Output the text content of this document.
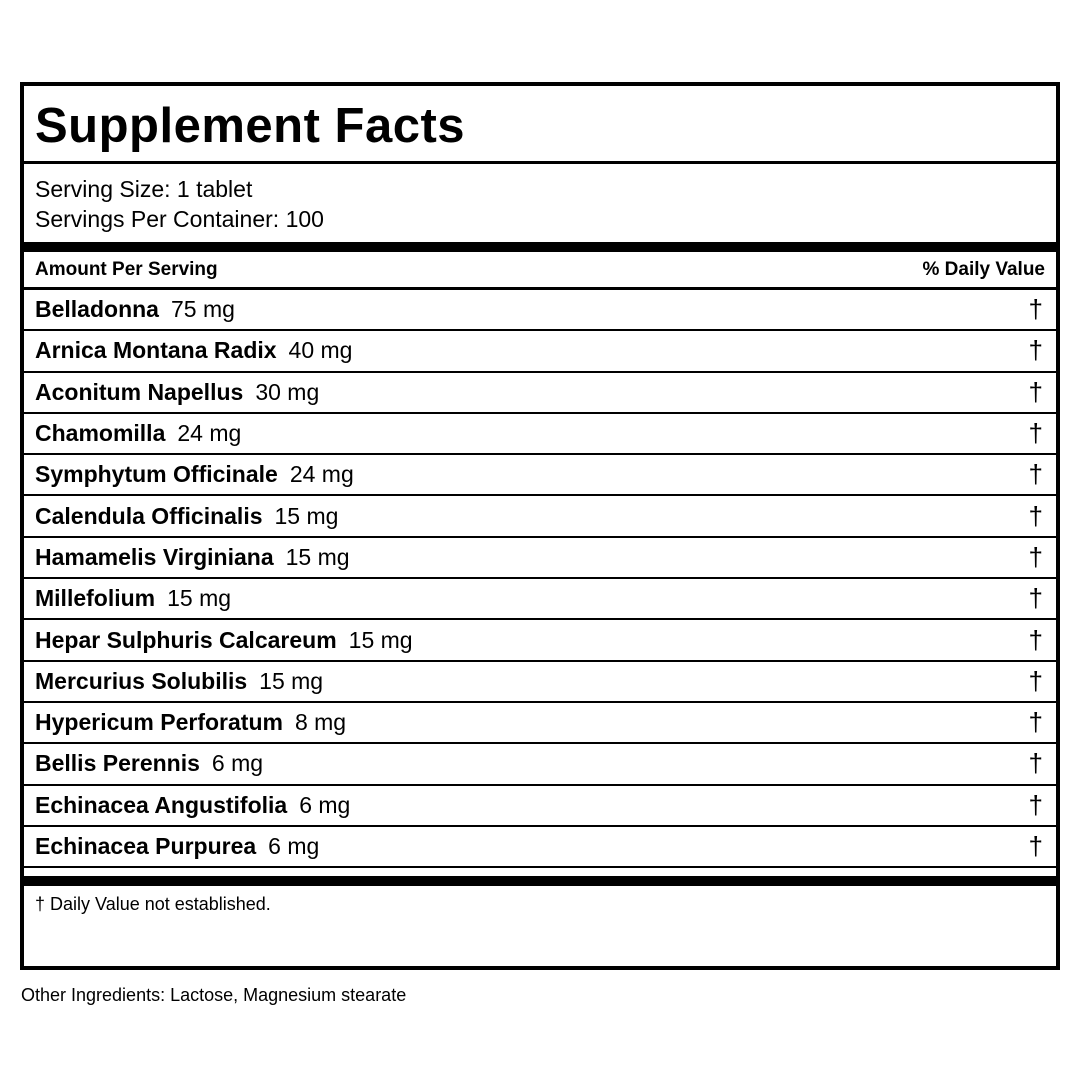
Supplement Facts
Serving Size: 1 tablet
Servings Per Container: 100
Amount Per Serving	% Daily Value
Belladonna 75 mg	†
Arnica Montana Radix 40 mg	†
Aconitum Napellus 30 mg	†
Chamomilla 24 mg	†
Symphytum Officinale 24 mg	†
Calendula Officinalis 15 mg	†
Hamamelis Virginiana 15 mg	†
Millefolium 15 mg	†
Hepar Sulphuris Calcareum 15 mg	†
Mercurius Solubilis 15 mg	†
Hypericum Perforatum 8 mg	†
Bellis Perennis 6 mg	†
Echinacea Angustifolia 6 mg	†
Echinacea Purpurea 6 mg	†
† Daily Value not established.
Other Ingredients: Lactose, Magnesium stearate
